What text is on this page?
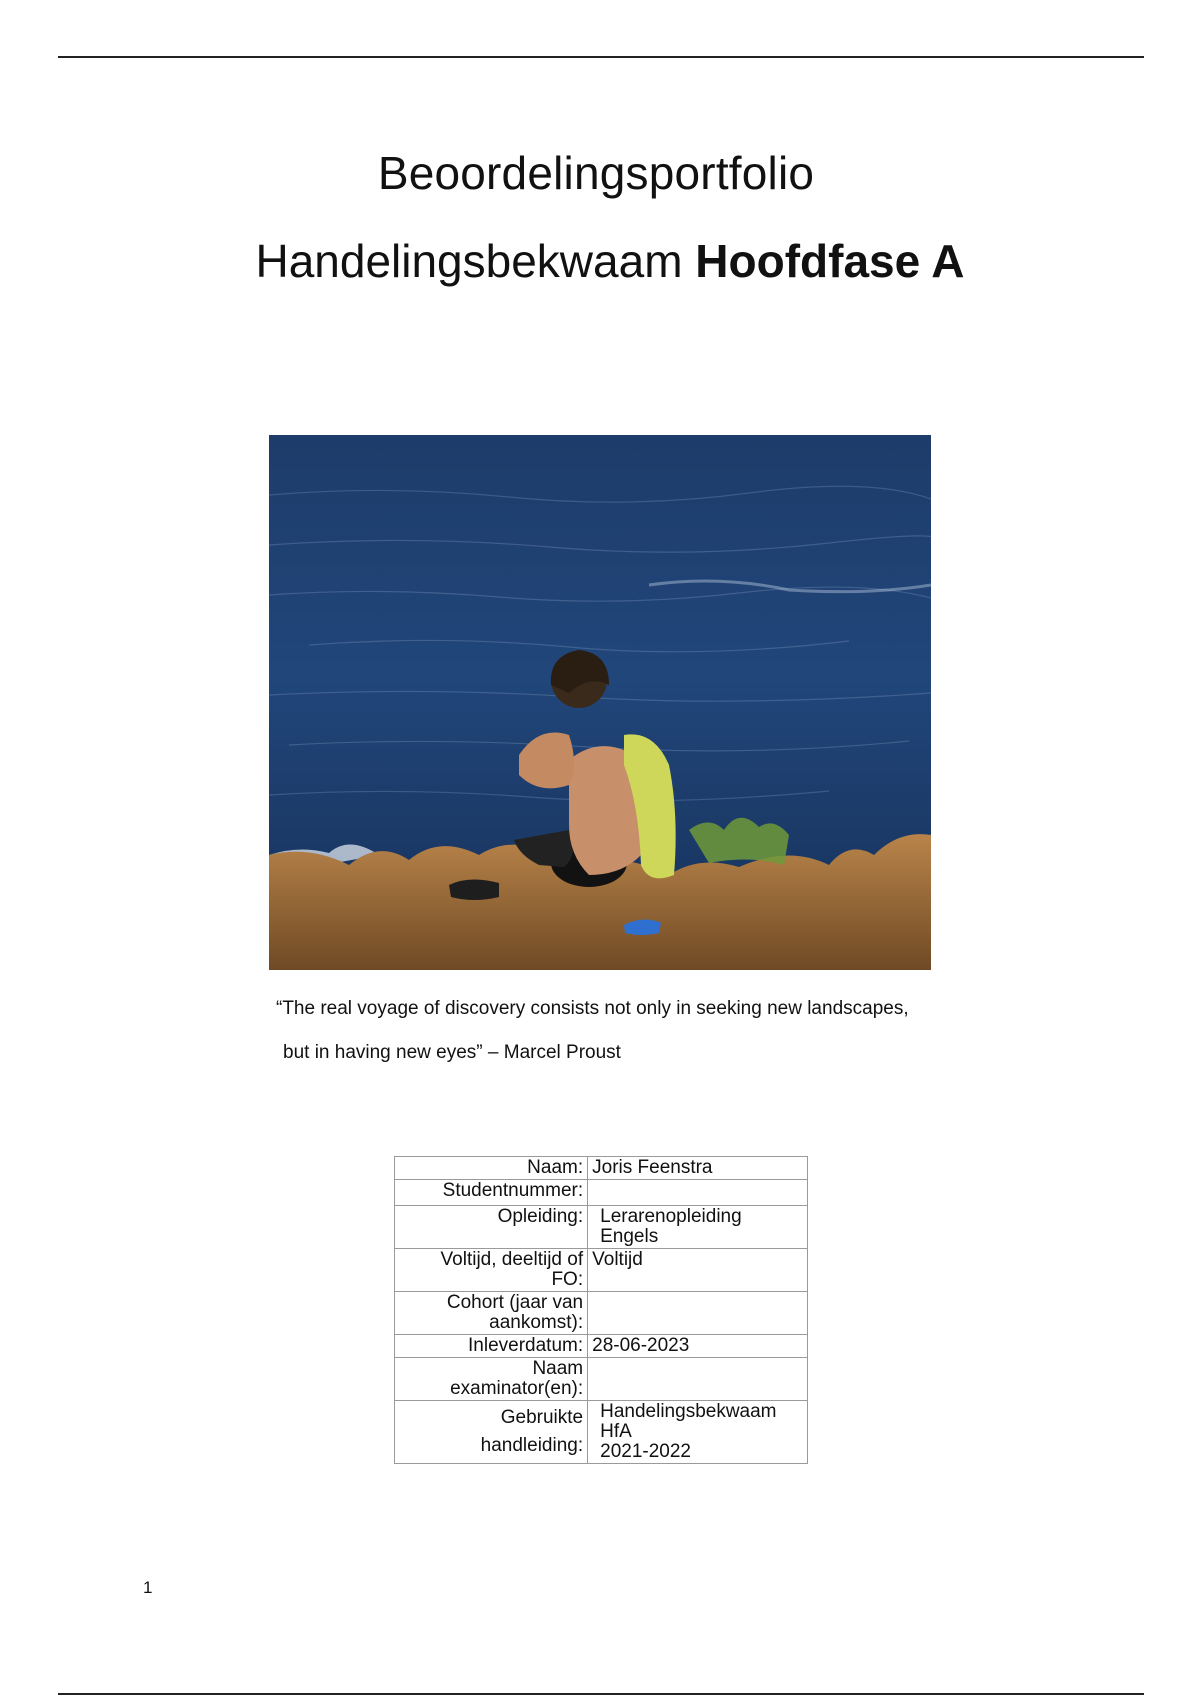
Beoordelingsportfolio
Handelingsbekwaam Hoofdfase A
“The real voyage of discovery consists not only in seeking new landscapes,
but in having new eyes” – Marcel Proust
Naam:	Joris Feenstra
Studentnummer:	
Opleiding:	Lerarenopleiding
Engels
Voltijd, deeltijd of
FO:	Voltijd
Cohort (jaar van
aankomst):	
Inleverdatum:	28-06-2023
Naam
examinator(en):	
Gebruikte
handleiding:	Handelingsbekwaam
HfA
2021-2022
1
